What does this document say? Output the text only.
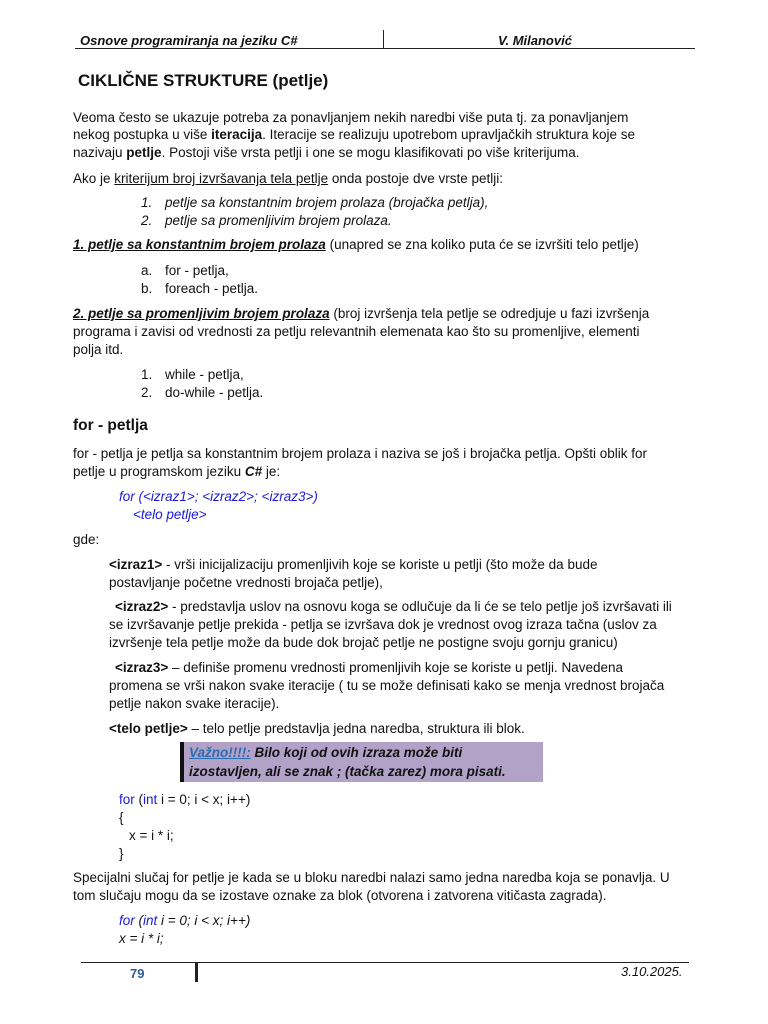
Osnove programiranja na jeziku C#	V. Milanović
CIKLIČNE STRUKTURE (petlje)
Veoma često se ukazuje potreba za ponavljanjem nekih naredbi više puta tj. za ponavljanjem
nekog postupka u više iteracija. Iteracije se realizuju upotrebom upravljačkih struktura koje se
nazivaju petlje. Postoji više vrsta petlji i one se mogu klasifikovati po više kriterijuma.
Ako je kriterijum broj izvršavanja tela petlje onda postoje dve vrste petlji:
1. petlje sa konstantnim brojem prolaza (brojačka petlja),
2. petlje sa promenljivim brojem prolaza.
1. petlje sa konstantnim brojem prolaza (unapred se zna koliko puta će se izvršiti telo petlje)
a. for - petlja,
b. foreach - petlja.
2. petlje sa promenljivim brojem prolaza (broj izvršenja tela petlje se odredjuje u fazi izvršenja
programa i zavisi od vrednosti za petlju relevantnih elemenata kao što su promenljive, elementi
polja itd.
1. while - petlja,
2. do-while - petlja.
for - petlja
for - petlja je petlja sa konstantnim brojem prolaza i naziva se još i brojačka petlja. Opšti oblik for
petlje u programskom jeziku C# je:
for (<izraz1>; <izraz2>; <izraz3>)
<telo petlje>
gde:
<izraz1> - vrši inicijalizaciju promenljivih koje se koriste u petlji (što može da bude
postavljanje početne vrednosti brojača petlje),
<izraz2> - predstavlja uslov na osnovu koga se odlučuje da li će se telo petlje još izvršavati ili
se izvršavanje petlje prekida - petlja se izvršava dok je vrednost ovog izraza tačna (uslov za
izvršenje tela petlje može da bude dok brojač petlje ne postigne svoju gornju granicu)
<izraz3> – definiše promenu vrednosti promenljivih koje se koriste u petlji. Navedena
promena se vrši nakon svake iteracije ( tu se može definisati kako se menja vrednost brojača
petlje nakon svake iteracije).
<telo petlje> – telo petlje predstavlja jedna naredba, struktura ili blok.
Važno!!!!: Bilo koji od ovih izraza može biti
izostavljen, ali se znak ; (tačka zarez) mora pisati.
for (int i = 0; i < x; i++)
{
x = i * i;
}
Specijalni slučaj for petlje je kada se u bloku naredbi nalazi samo jedna naredba koja se ponavlja. U
tom slučaju mogu da se izostave oznake za blok (otvorena i zatvorena vitičasta zagrada).
for (int i = 0; i < x; i++)
x = i * i;
79	3.10.2025.
